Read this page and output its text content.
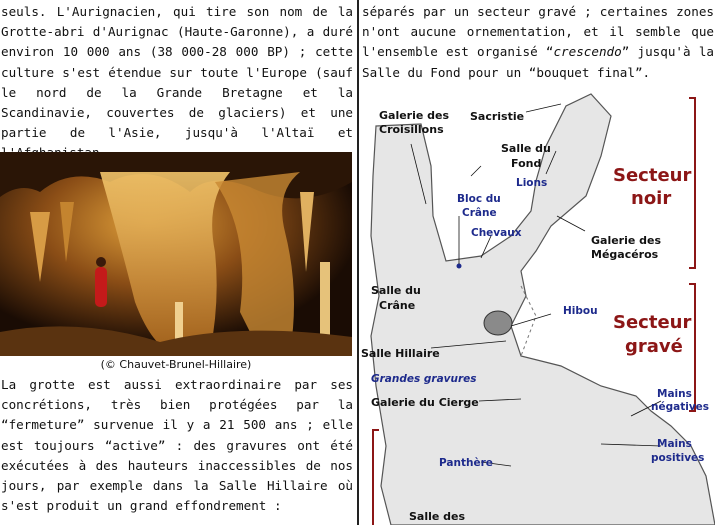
seuls. L'Aurignacien, qui tire son nom de la Grotte-abri d'Aurignac (Haute-Garonne), a duré environ 10 000 ans (38 000-28 000 BP) ; cette culture s'est étendue sur toute l'Europe (sauf le nord de la Grande Bretagne et la Scandinavie, couvertes de glaciers) et une partie de l'Asie, jusqu'à l'Altaï et

(© Chauvet-Brunel-Hillaire)

La grotte est aussi extraordinaire par ses concrétions, très bien protégées par la “fermeture” survenue il y a 21 500 ans ; elle est toujours “active” : des gravures ont été exécutées à des hauteurs inaccessibles de nos jours, par exemple dans la Salle Hillaire où s'est produit un grand effondrement :

séparés par un secteur gravé ; certaines zones n'ont aucune ornementation, et il semble que l'ensemble est organisé “crescendo” jusqu'à la Salle du Fond pour un “bouquet final”.

Galerie des
Croisillons
Sacristie
Salle du
Fond
Galerie des
Mégacéros
Salle du
Crâne
Salle Hillaire
Galerie du Cierge
Salle des
Lions
Bloc du
Crâne
Chevaux
Hibou
Grandes gravures
Mains
négatives
Mains
positives
Panthère
Secteur
noir
Secteur
gravé
